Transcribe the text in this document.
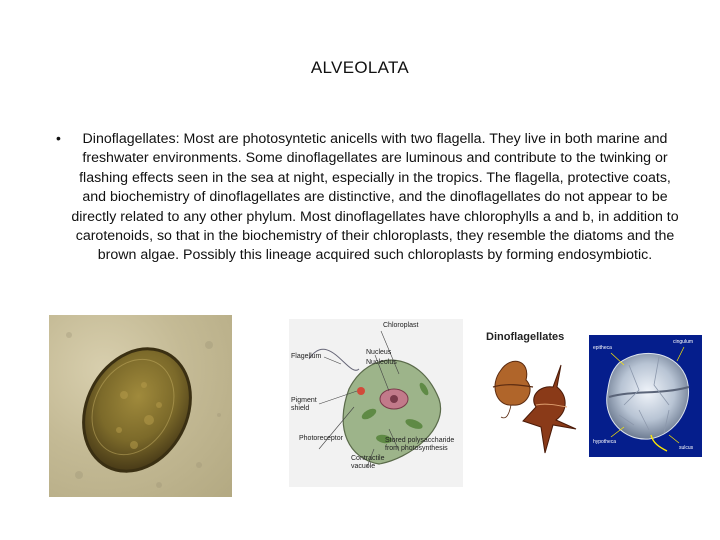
ALVEOLATA
•	Dinoflagellates: Most are photosyntetic anicells with two flagella. They live in both marine and freshwater environments. Some dinoflagellates are luminous and contribute to the twinking or flashing effects seen in the sea at night, especially in the tropics. The flagella, protective coats, and biochemistry of dinoflagellates are distinctive, and the dinoflagellates do not appear to be directly related to any other phylum. Most dinoflagellates have chlorophylls a and b, in addition to carotenoids, so that in the biochemistry of their chloroplasts, they resemble the diatoms and the brown algae. Possibly this lineage acquired such chloroplasts by forming endosymbiotic.
Chloroplast
Flagellum
Nucleus
Nucleolus
Pigment
shield
Photoreceptor
Contractile
vacuole
Stored polysaccharide
from photosynthesis
Dinoflagellates
epitheca
cingulum
hypotheca
sulcus
